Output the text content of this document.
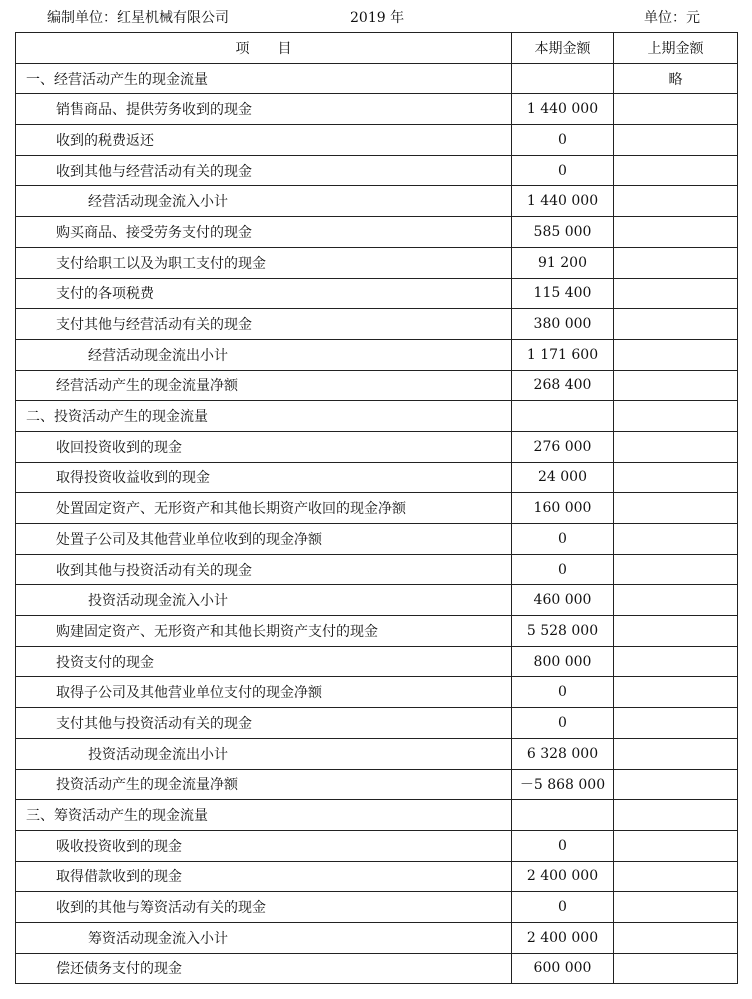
编制单位：红星机械有限公司	2019 年	单位：元
项　　目	本期金额	上期金额
一、经营活动产生的现金流量		略
销售商品、提供劳务收到的现金	1 440 000	
收到的税费返还	0	
收到其他与经营活动有关的现金	0	
经营活动现金流入小计	1 440 000	
购买商品、接受劳务支付的现金	585 000	
支付给职工以及为职工支付的现金	91 200	
支付的各项税费	115 400	
支付其他与经营活动有关的现金	380 000	
经营活动现金流出小计	1 171 600	
经营活动产生的现金流量净额	268 400	
二、投资活动产生的现金流量		
收回投资收到的现金	276 000	
取得投资收益收到的现金	24 000	
处置固定资产、无形资产和其他长期资产收回的现金净额	160 000	
处置子公司及其他营业单位收到的现金净额	0	
收到其他与投资活动有关的现金	0	
投资活动现金流入小计	460 000	
购建固定资产、无形资产和其他长期资产支付的现金	5 528 000	
投资支付的现金	800 000	
取得子公司及其他营业单位支付的现金净额	0	
支付其他与投资活动有关的现金	0	
投资活动现金流出小计	6 328 000	
投资活动产生的现金流量净额	－5 868 000	
三、筹资活动产生的现金流量		
吸收投资收到的现金	0	
取得借款收到的现金	2 400 000	
收到的其他与筹资活动有关的现金	0	
筹资活动现金流入小计	2 400 000	
偿还债务支付的现金	600 000	
